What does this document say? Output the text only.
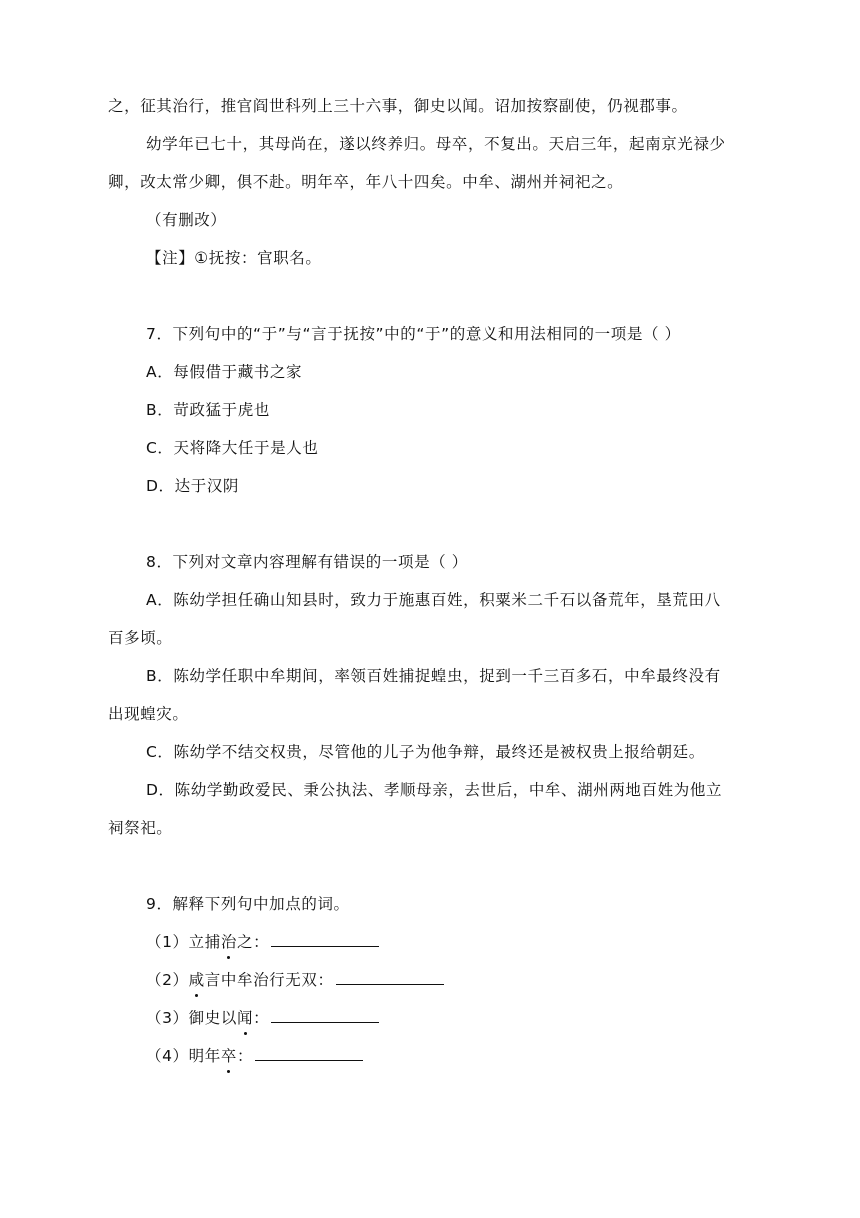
之，征其治行，推官阎世科列上三十六事，御史以闻。诏加按察副使，仍视郡事。
幼学年已七十，其母尚在，遂以终养归。母卒，不复出。天启三年，起南京光禄少
卿，改太常少卿，俱不赴。明年卒，年八十四矣。中牟、湖州并祠祀之。
（有删改）
【注】①抚按：官职名。
7．下列句中的“于”与“言于抚按”中的“于”的意义和用法相同的一项是（ ）
A．每假借于藏书之家
B．苛政猛于虎也
C．天将降大任于是人也
D．达于汉阴
8．下列对文章内容理解有错误的一项是（ ）
A．陈幼学担任确山知县时，致力于施惠百姓，积粟米二千石以备荒年，垦荒田八
百多顷。
B．陈幼学任职中牟期间，率领百姓捕捉蝗虫，捉到一千三百多石，中牟最终没有
出现蝗灾。
C．陈幼学不结交权贵，尽管他的儿子为他争辩，最终还是被权贵上报给朝廷。
D．陈幼学勤政爱民、秉公执法、孝顺母亲，去世后，中牟、湖州两地百姓为他立
祠祭祀。
9．解释下列句中加点的词。
（1）立捕治之：
（2）咸言中牟治行无双：
（3）御史以闻：
（4）明年卒：
